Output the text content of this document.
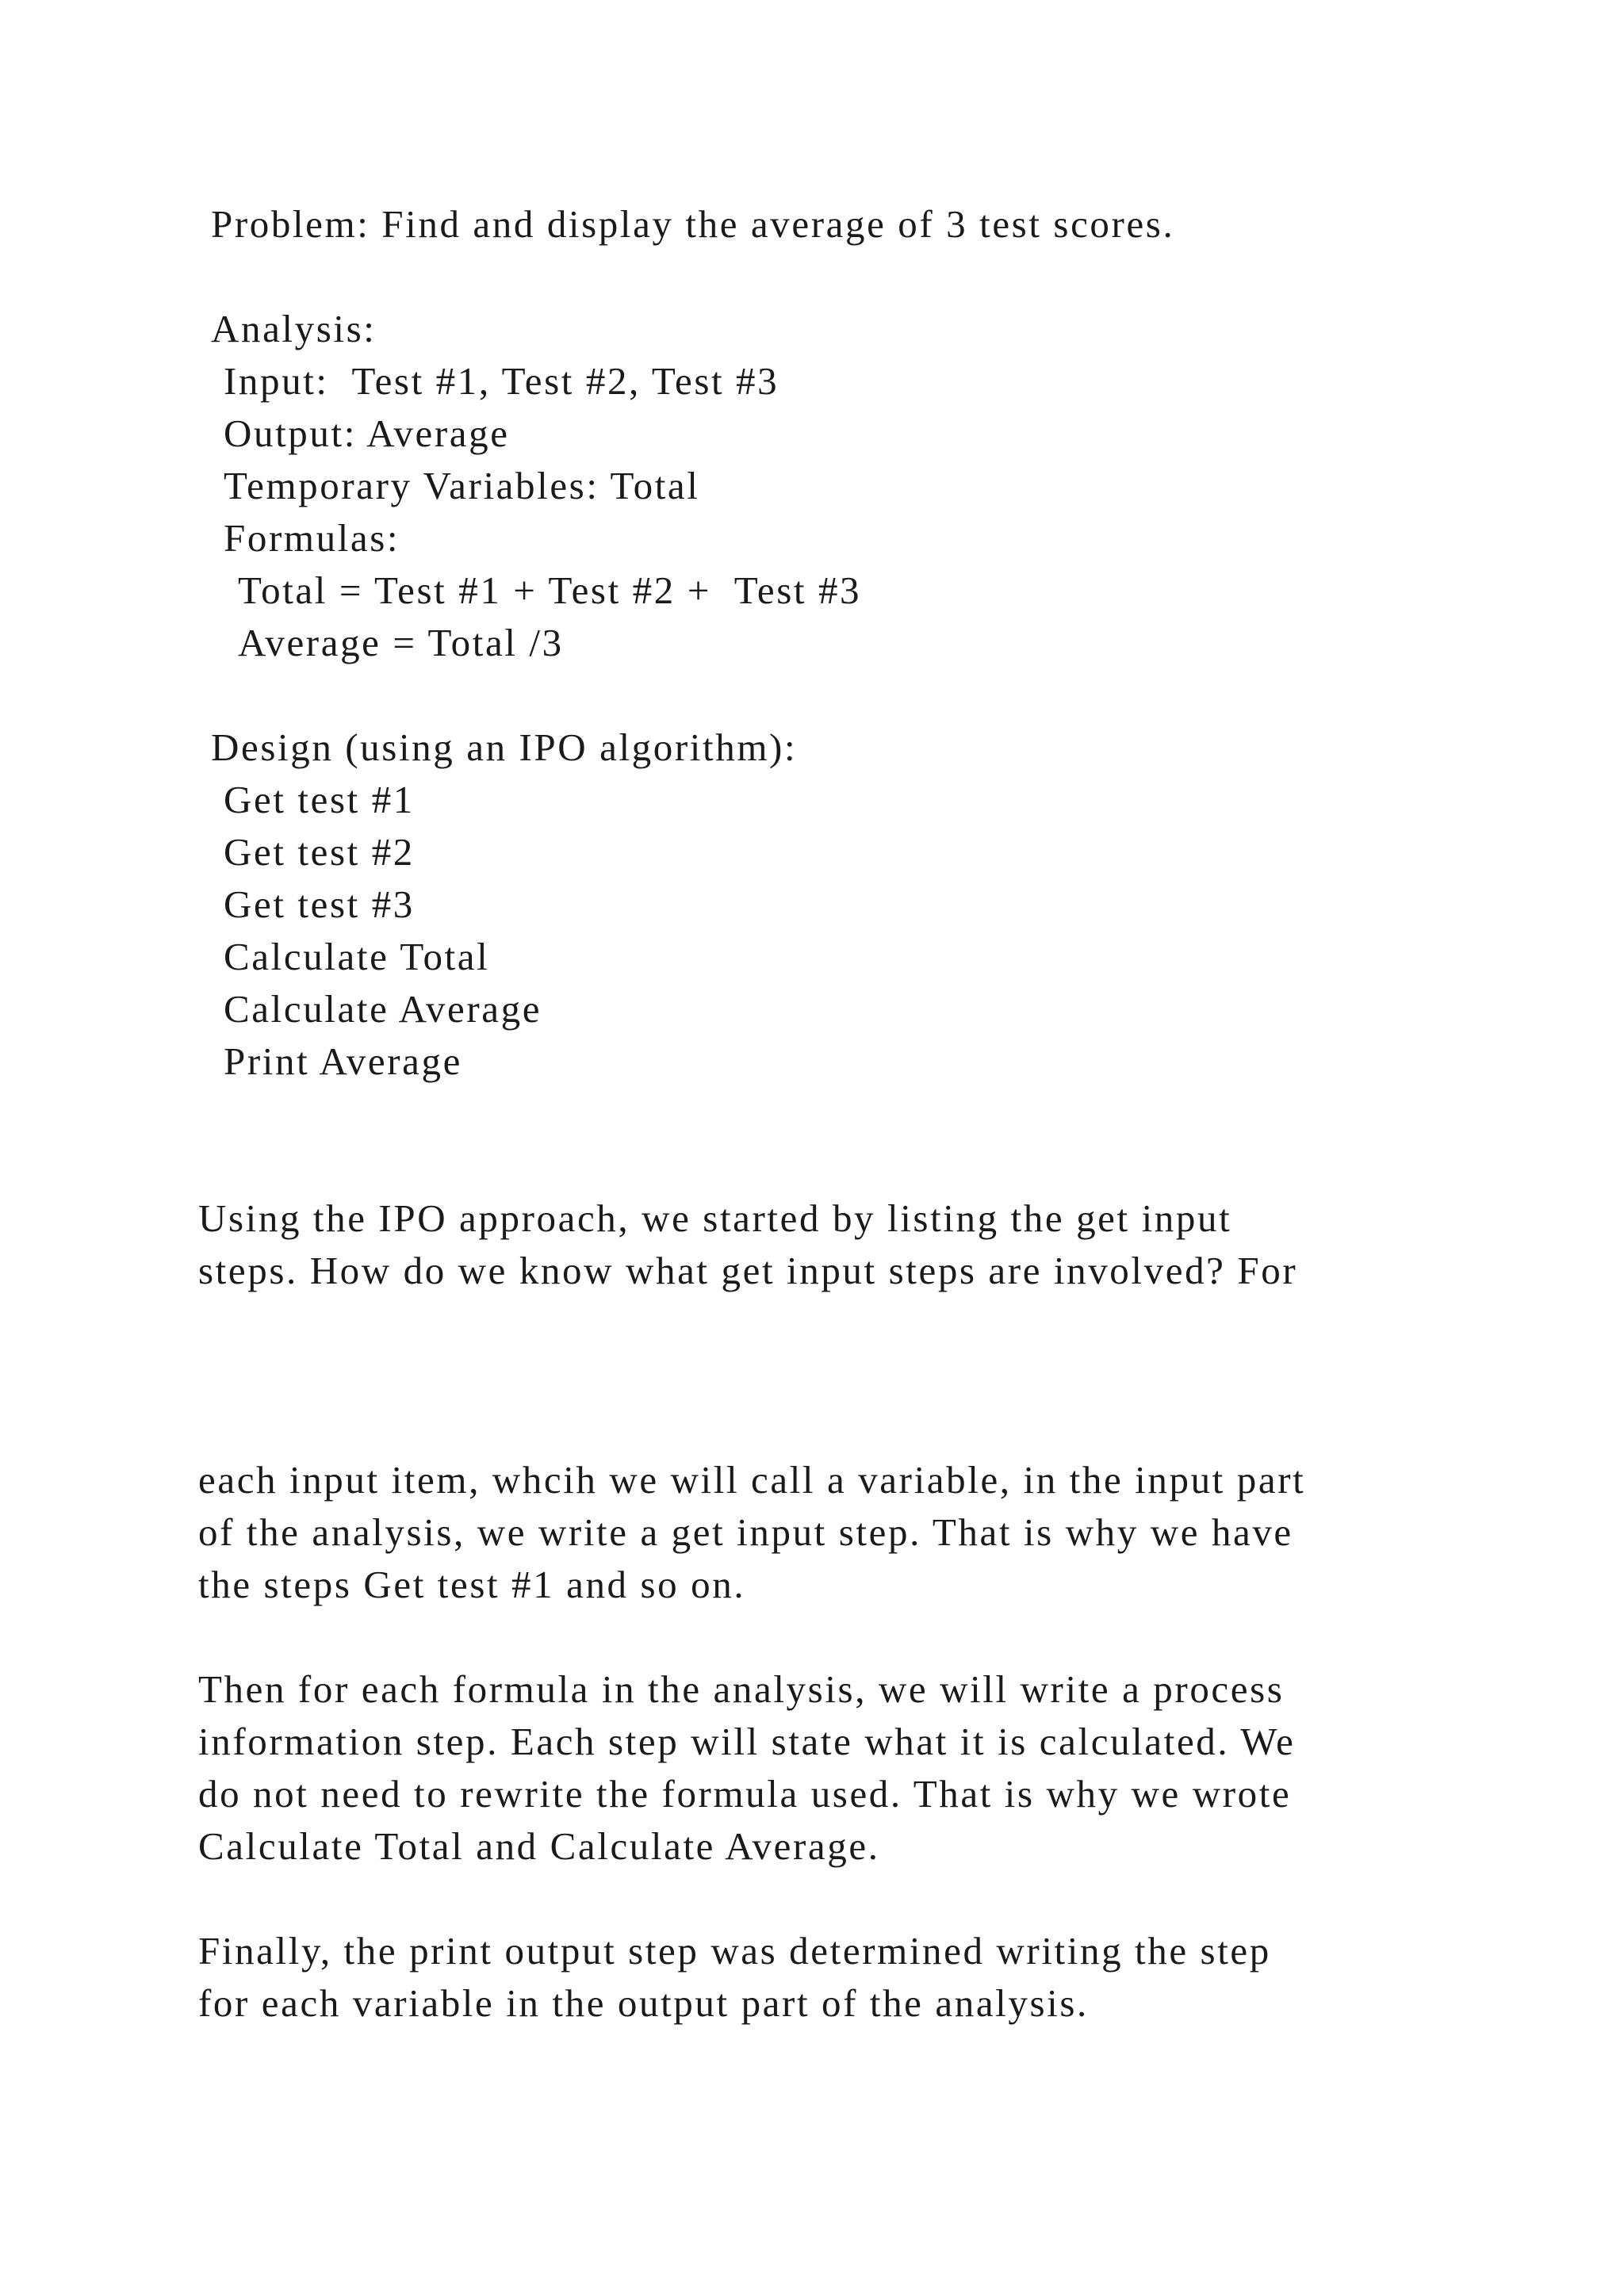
Problem: Find and display the average of 3 test scores.

Analysis:

Input:  Test #1, Test #2, Test #3

Output: Average

Temporary Variables: Total

Formulas:

Total = Test #1 + Test #2 +  Test #3

Average = Total /3

Design (using an IPO algorithm):

Get test #1

Get test #2

Get test #3

Calculate Total

Calculate Average

Print Average

Using the IPO approach, we started by listing the get input

steps. How do we know what get input steps are involved? For

each input item, whcih we will call a variable, in the input part

of the analysis, we write a get input step. That is why we have

the steps Get test #1 and so on.

Then for each formula in the analysis, we will write a process

information step. Each step will state what it is calculated. We

do not need to rewrite the formula used. That is why we wrote

Calculate Total and Calculate Average.

Finally, the print output step was determined writing the step

for each variable in the output part of the analysis.
